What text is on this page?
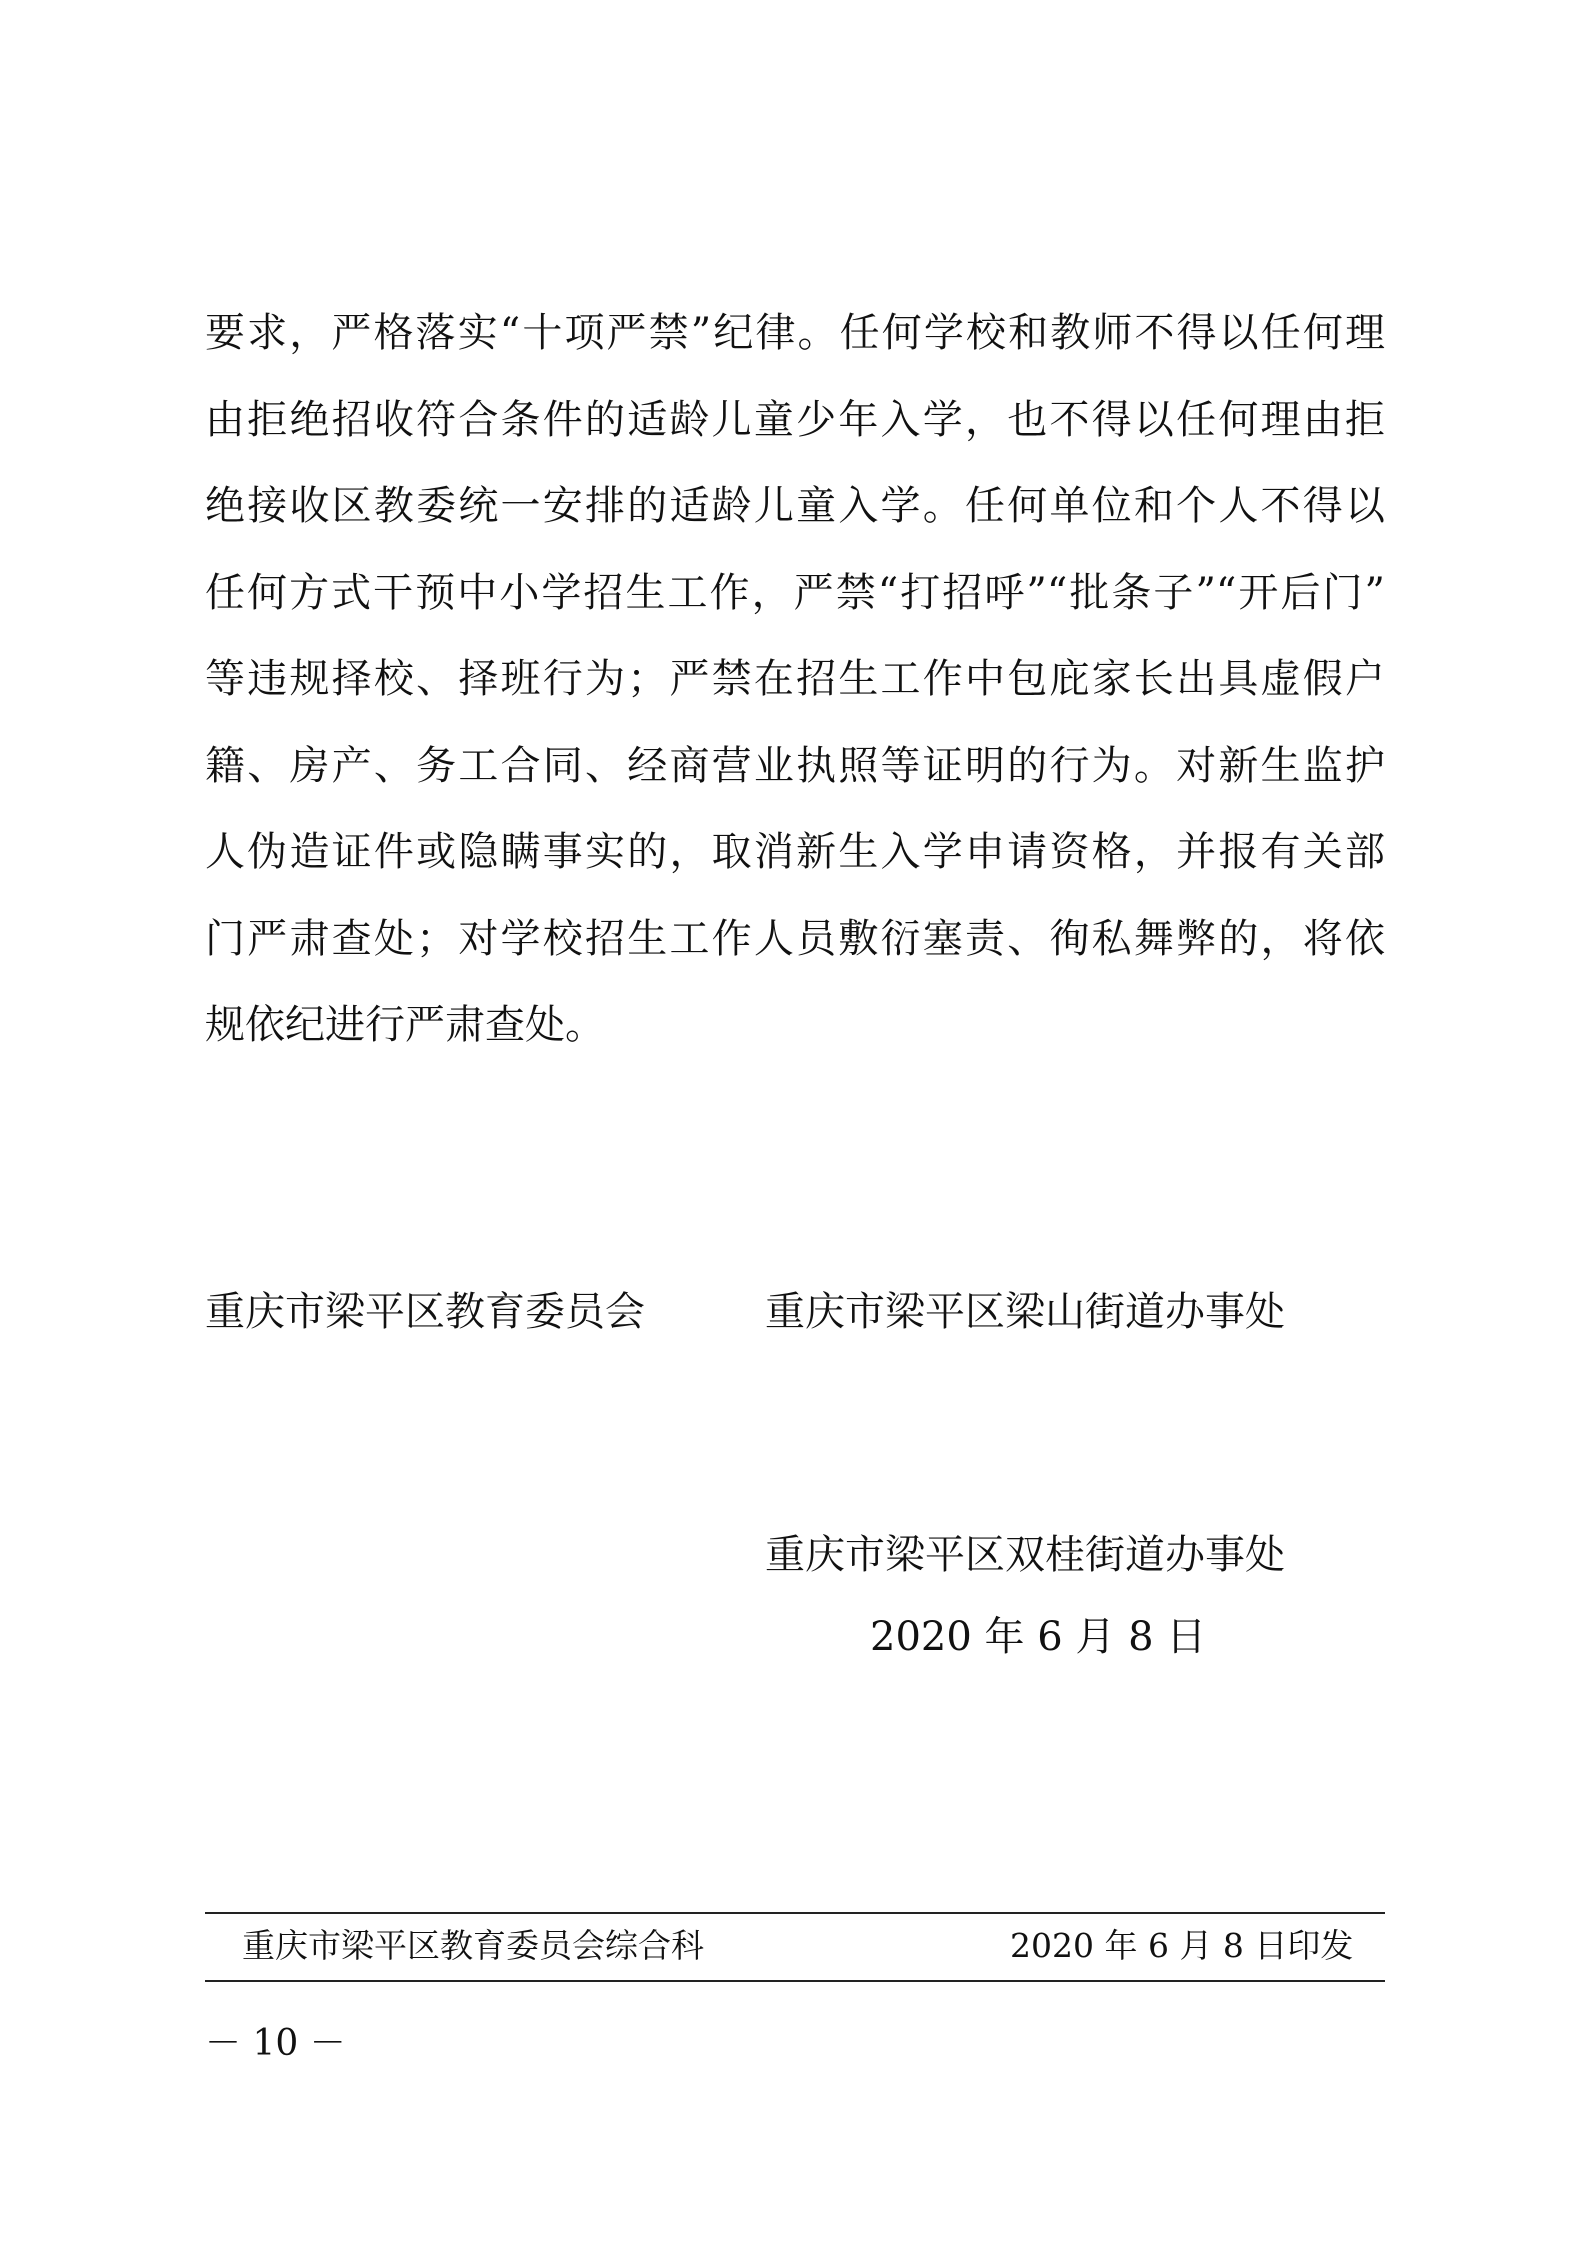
要求，严格落实“十项严禁”纪律。任何学校和教师不得以任何理
由拒绝招收符合条件的适龄儿童少年入学，也不得以任何理由拒
绝接收区教委统一安排的适龄儿童入学。任何单位和个人不得以
任何方式干预中小学招生工作，严禁“打招呼”“批条子”“开后门”
等违规择校、择班行为；严禁在招生工作中包庇家长出具虚假户
籍、房产、务工合同、经商营业执照等证明的行为。对新生监护
人伪造证件或隐瞒事实的，取消新生入学申请资格，并报有关部
门严肃查处；对学校招生工作人员敷衍塞责、徇私舞弊的，将依
规依纪进行严肃查处。
重庆市梁平区教育委员会	重庆市梁平区梁山街道办事处
重庆市梁平区双桂街道办事处
2020 年 6 月 8 日
重庆市梁平区教育委员会综合科	2020 年 6 月 8 日印发
－ 10 －
